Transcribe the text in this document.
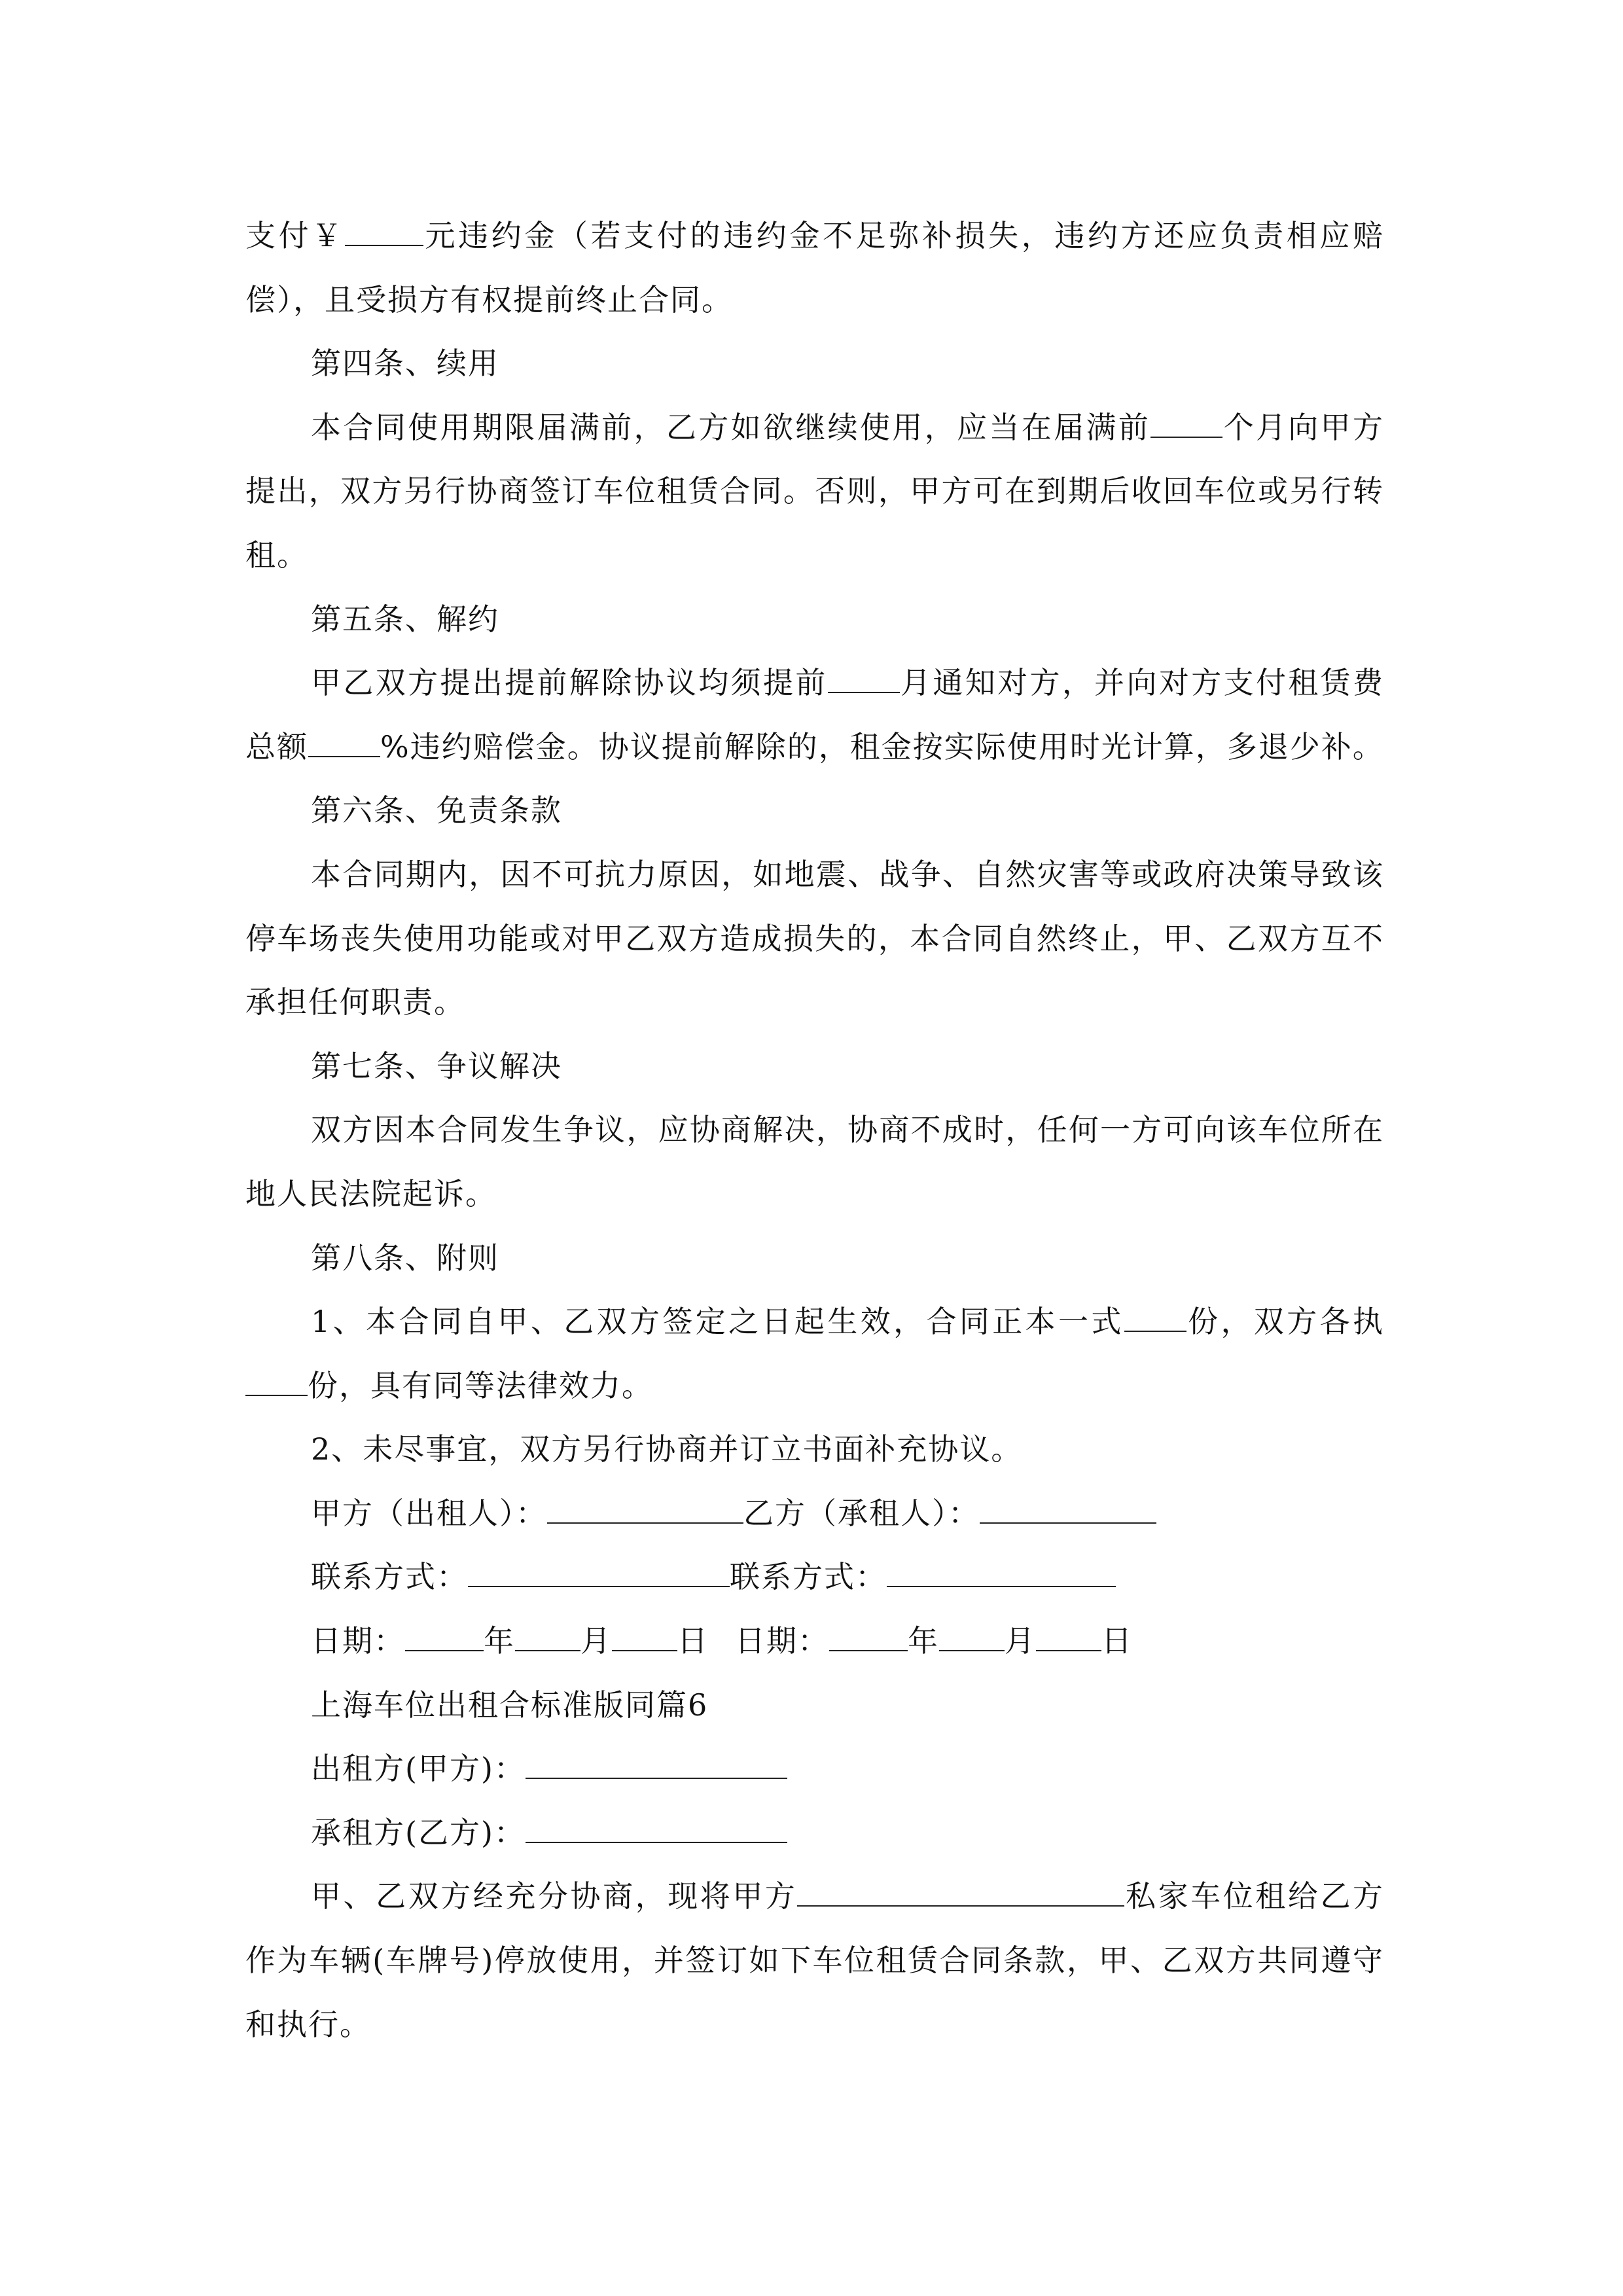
支付￥	元违约金（若支付的违约金不足弥补损失，违约方还应负责相应赔偿），且受损方有权提前终止合同。

第四条、续用

本合同使用期限届满前，乙方如欲继续使用，应当在届满前 个月向甲方提出，双方另行协商签订车位租赁合同。否则，甲方可在到期后收回车位或另行转租。

第五条、解约

甲乙双方提出提前解除协议均须提前 月通知对方，并向对方支付租赁费总额 %违约赔偿金。协议提前解除的，租金按实际使用时光计算，多退少补。

第六条、免责条款

本合同期内，因不可抗力原因，如地震、战争、自然灾害等或政府决策导致该停车场丧失使用功能或对甲乙双方造成损失的，本合同自然终止，甲、乙双方互不承担任何职责。

第七条、争议解决

双方因本合同发生争议，应协商解决，协商不成时，任何一方可向该车位所在地人民法院起诉。

第八条、附则

1、本合同自甲、乙双方签定之日起生效，合同正本一式 份，双方各执份，具有同等法律效力。

2、未尽事宜，双方另行协商并订立书面补充协议。

甲方（出租人）：	乙方（承租人）：
联系方式：	联系方式：
日期：	年 月 日 日期：	年 月 日

上海车位出租合标准版同篇6

出租方(甲方)：
承租方(乙方)：

甲、乙双方经充分协商，现将甲方	私家车位租给乙方作为车辆(车牌号)停放使用，并签订如下车位租赁合同条款，甲、乙双方共同遵守和执行。
